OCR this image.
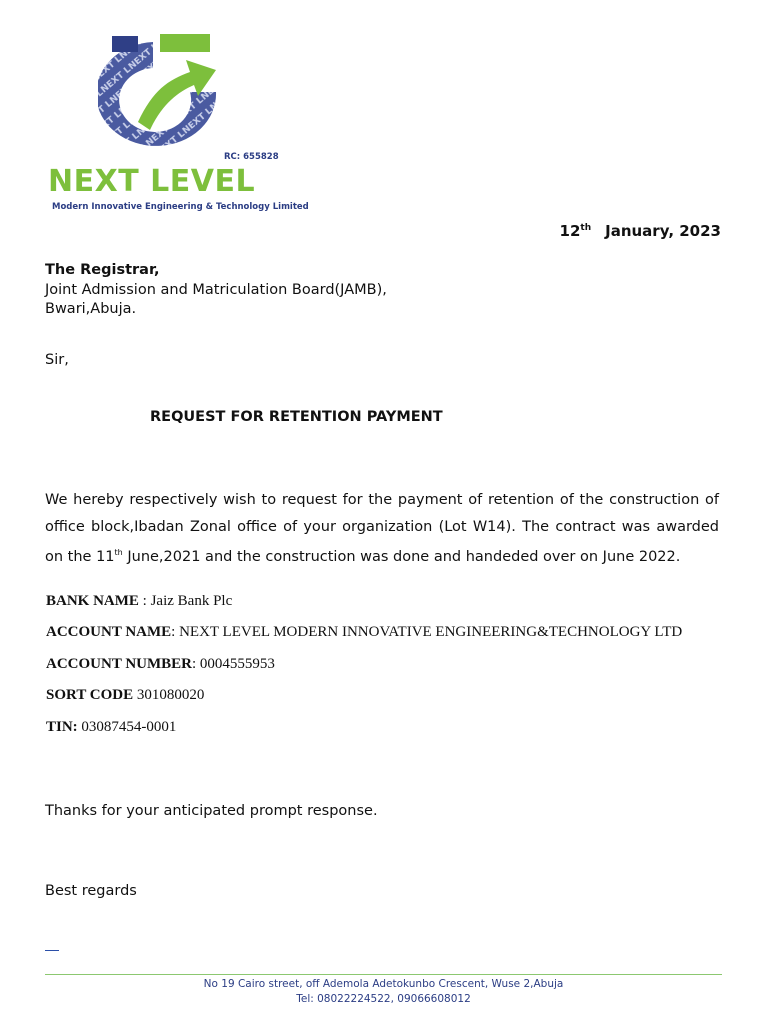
RC: 655828
NEXT LEVEL
Modern Innovative Engineering & Technology Limited
12th January, 2023
The Registrar,
Joint Admission and Matriculation Board(JAMB),
Bwari,Abuja.
Sir,
REQUEST FOR RETENTION PAYMENT
We hereby respectively wish to request for the payment of retention of the construction of office block,Ibadan Zonal office of your organization (Lot W14). The contract was awarded on the 11th June,2021 and the construction was done and handeded over on June 2022.
BANK NAME : Jaiz Bank Plc
ACCOUNT NAME: NEXT LEVEL MODERN INNOVATIVE ENGINEERING&TECHNOLOGY LTD
ACCOUNT NUMBER: 0004555953
SORT CODE 301080020
TIN: 03087454-0001
Thanks for your anticipated prompt response.
Best regards
No 19 Cairo street, off Ademola Adetokunbo Crescent, Wuse 2,Abuja
Tel: 08022224522, 09066608012
